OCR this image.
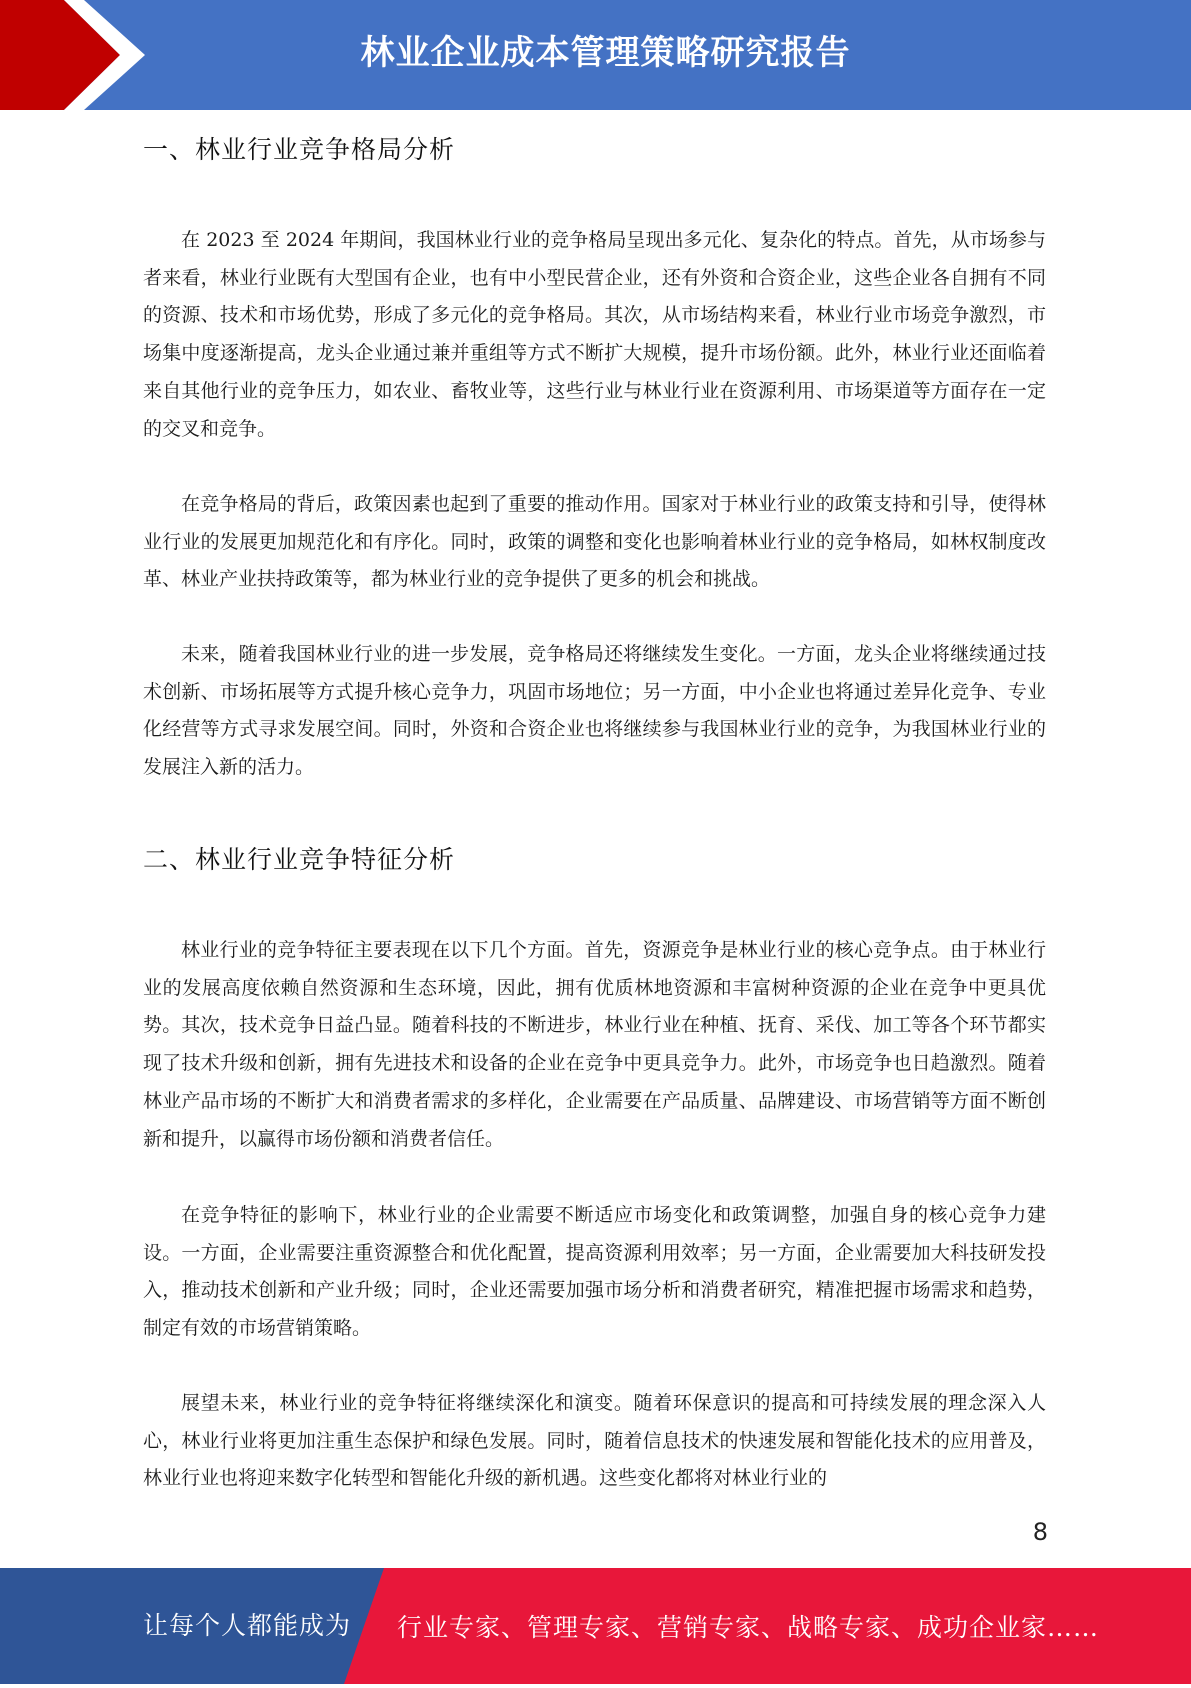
林业企业成本管理策略研究报告
一、林业行业竞争格局分析

在 2023 至 2024 年期间，我国林业行业的竞争格局呈现出多元化、复杂化的特点。首先，从市场参与者来看，林业行业既有大型国有企业，也有中小型民营企业，还有外资和合资企业，这些企业各自拥有不同的资源、技术和市场优势，形成了多元化的竞争格局。其次，从市场结构来看，林业行业市场竞争激烈，市场集中度逐渐提高，龙头企业通过兼并重组等方式不断扩大规模，提升市场份额。此外，林业行业还面临着来自其他行业的竞争压力，如农业、畜牧业等，这些行业与林业行业在资源利用、市场渠道等方面存在一定的交叉和竞争。

在竞争格局的背后，政策因素也起到了重要的推动作用。国家对于林业行业的政策支持和引导，使得林业行业的发展更加规范化和有序化。同时，政策的调整和变化也影响着林业行业的竞争格局，如林权制度改革、林业产业扶持政策等，都为林业行业的竞争提供了更多的机会和挑战。

未来，随着我国林业行业的进一步发展，竞争格局还将继续发生变化。一方面，龙头企业将继续通过技术创新、市场拓展等方式提升核心竞争力，巩固市场地位；另一方面，中小企业也将通过差异化竞争、专业化经营等方式寻求发展空间。同时，外资和合资企业也将继续参与我国林业行业的竞争，为我国林业行业的发展注入新的活力。

二、林业行业竞争特征分析

林业行业的竞争特征主要表现在以下几个方面。首先，资源竞争是林业行业的核心竞争点。由于林业行业的发展高度依赖自然资源和生态环境，因此，拥有优质林地资源和丰富树种资源的企业在竞争中更具优势。其次，技术竞争日益凸显。随着科技的不断进步，林业行业在种植、抚育、采伐、加工等各个环节都实现了技术升级和创新，拥有先进技术和设备的企业在竞争中更具竞争力。此外，市场竞争也日趋激烈。随着林业产品市场的不断扩大和消费者需求的多样化，企业需要在产品质量、品牌建设、市场营销等方面不断创新和提升，以赢得市场份额和消费者信任。

在竞争特征的影响下，林业行业的企业需要不断适应市场变化和政策调整，加强自身的核心竞争力建设。一方面，企业需要注重资源整合和优化配置，提高资源利用效率；另一方面，企业需要加大科技研发投入，推动技术创新和产业升级；同时，企业还需要加强市场分析和消费者研究，精准把握市场需求和趋势，制定有效的市场营销策略。

展望未来，林业行业的竞争特征将继续深化和演变。随着环保意识的提高和可持续发展的理念深入人心，林业行业将更加注重生态保护和绿色发展。同时，随着信息技术的快速发展和智能化技术的应用普及，林业行业也将迎来数字化转型和智能化升级的新机遇。这些变化都将对林业行业的

8
让每个人都能成为 行业专家、管理专家、营销专家、战略专家、成功企业家……
